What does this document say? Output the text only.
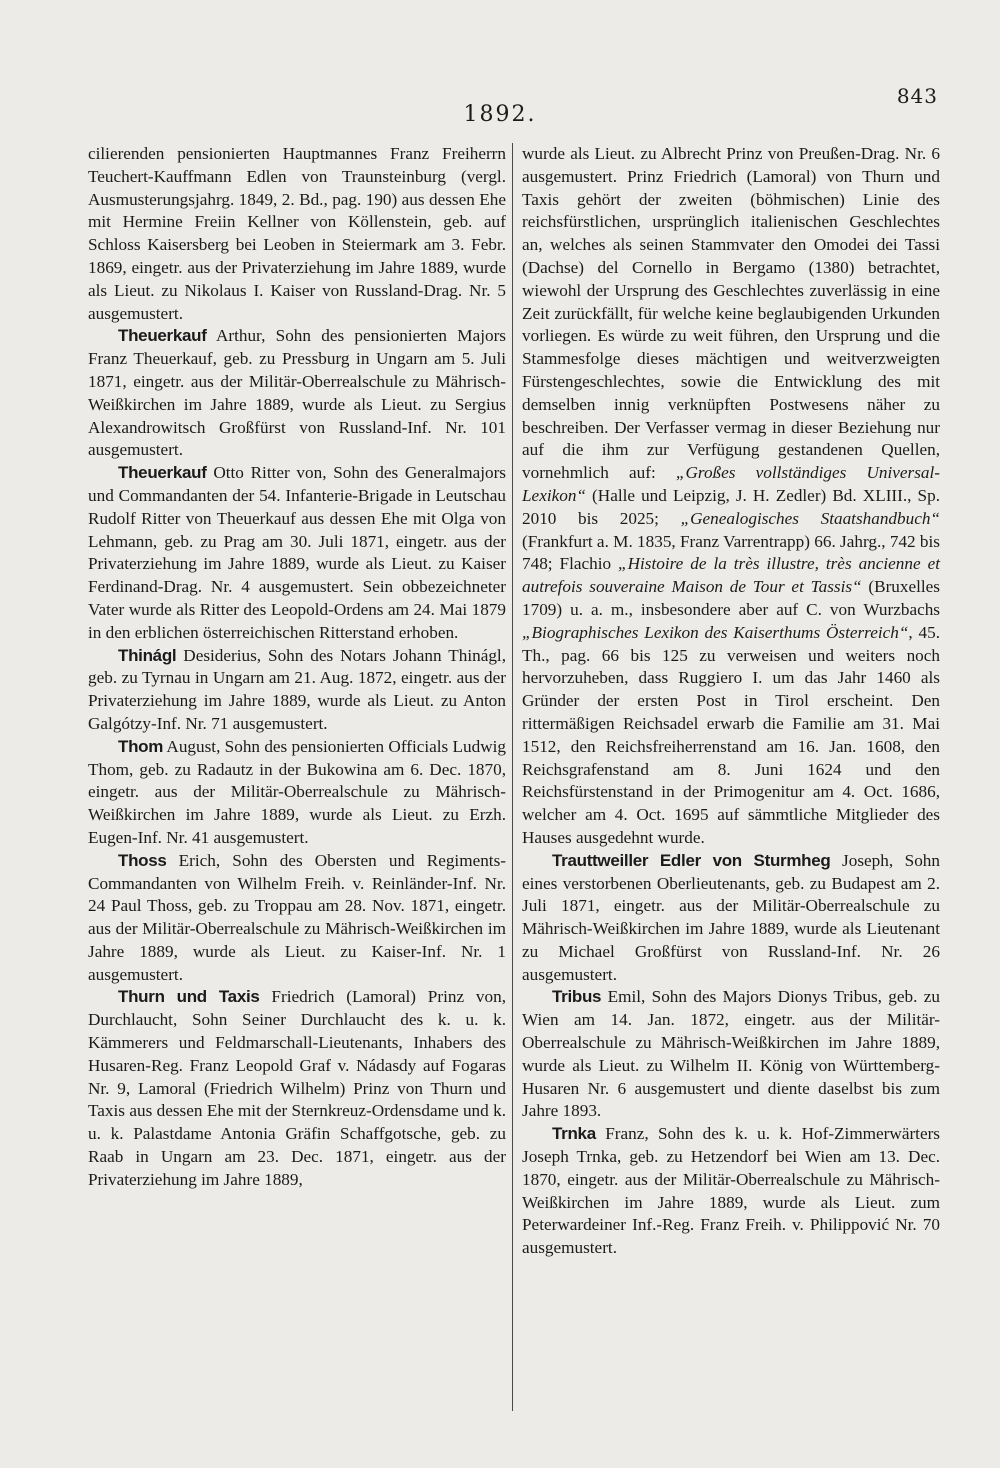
843
1892.

cilierenden pensionierten Hauptmannes Franz Freiherrn Teuchert-Kauffmann Edlen von Traunsteinburg (vergl. Ausmusterungsjahrg. 1849, 2. Bd., pag. 190) aus dessen Ehe mit Hermine Freiin Kellner von Köllenstein, geb. auf Schloss Kaisersberg bei Leoben in Steiermark am 3. Febr. 1869, eingetr. aus der Privaterziehung im Jahre 1889, wurde als Lieut. zu Nikolaus I. Kaiser von Russland-Drag. Nr. 5 ausgemustert.

Theuerkauf Arthur, Sohn des pensionierten Majors Franz Theuerkauf, geb. zu Pressburg in Ungarn am 5. Juli 1871, eingetr. aus der Militär-Oberrealschule zu Mährisch-Weißkirchen im Jahre 1889, wurde als Lieut. zu Sergius Alexandrowitsch Großfürst von Russland-Inf. Nr. 101 ausgemustert.

Theuerkauf Otto Ritter von, Sohn des Generalmajors und Commandanten der 54. Infanterie-Brigade in Leutschau Rudolf Ritter von Theuerkauf aus dessen Ehe mit Olga von Lehmann, geb. zu Prag am 30. Juli 1871, eingetr. aus der Privaterziehung im Jahre 1889, wurde als Lieut. zu Kaiser Ferdinand-Drag. Nr. 4 ausgemustert. Sein obbezeichneter Vater wurde als Ritter des Leopold-Ordens am 24. Mai 1879 in den erblichen österreichischen Ritterstand erhoben.

Thinágl Desiderius, Sohn des Notars Johann Thinágl, geb. zu Tyrnau in Ungarn am 21. Aug. 1872, eingetr. aus der Privaterziehung im Jahre 1889, wurde als Lieut. zu Anton Galgótzy-Inf. Nr. 71 ausgemustert.

Thom August, Sohn des pensionierten Officials Ludwig Thom, geb. zu Radautz in der Bukowina am 6. Dec. 1870, eingetr. aus der Militär-Oberrealschule zu Mährisch-Weißkirchen im Jahre 1889, wurde als Lieut. zu Erzh. Eugen-Inf. Nr. 41 ausgemustert.

Thoss Erich, Sohn des Obersten und Regiments-Commandanten von Wilhelm Freih. v. Reinländer-Inf. Nr. 24 Paul Thoss, geb. zu Troppau am 28. Nov. 1871, eingetr. aus der Militär-Oberrealschule zu Mährisch-Weißkirchen im Jahre 1889, wurde als Lieut. zu Kaiser-Inf. Nr. 1 ausgemustert.

Thurn und Taxis Friedrich (Lamoral) Prinz von, Durchlaucht, Sohn Seiner Durchlaucht des k. u. k. Kämmerers und Feldmarschall-Lieutenants, Inhabers des Husaren-Reg. Franz Leopold Graf v. Nádasdy auf Fogaras Nr. 9, Lamoral (Friedrich Wilhelm) Prinz von Thurn und Taxis aus dessen Ehe mit der Sternkreuz-Ordensdame und k. u. k. Palastdame Antonia Gräfin Schaffgotsche, geb. zu Raab in Ungarn am 23. Dec. 1871, eingetr. aus der Privaterziehung im Jahre 1889,

wurde als Lieut. zu Albrecht Prinz von Preußen-Drag. Nr. 6 ausgemustert. Prinz Friedrich (Lamoral) von Thurn und Taxis gehört der zweiten (böhmischen) Linie des reichsfürstlichen, ursprünglich italienischen Geschlechtes an, welches als seinen Stammvater den Omodei dei Tassi (Dachse) del Cornello in Bergamo (1380) betrachtet, wiewohl der Ursprung des Geschlechtes zuverlässig in eine Zeit zurückfällt, für welche keine beglaubigenden Urkunden vorliegen. Es würde zu weit führen, den Ursprung und die Stammesfolge dieses mächtigen und weitverzweigten Fürstengeschlechtes, sowie die Entwicklung des mit demselben innig verknüpften Postwesens näher zu beschreiben. Der Verfasser vermag in dieser Beziehung nur auf die ihm zur Verfügung gestandenen Quellen, vornehmlich auf: „Großes vollständiges Universal-Lexikon“ (Halle und Leipzig, J. H. Zedler) Bd. XLIII., Sp. 2010 bis 2025; „Genealogisches Staatshandbuch“ (Frankfurt a. M. 1835, Franz Varrentrapp) 66. Jahrg., 742 bis 748; Flachio „Histoire de la très illustre, très ancienne et autrefois souveraine Maison de Tour et Tassis“ (Bruxelles 1709) u. a. m., insbesondere aber auf C. von Wurzbachs „Biographisches Lexikon des Kaiserthums Österreich“, 45. Th., pag. 66 bis 125 zu verweisen und weiters noch hervorzuheben, dass Ruggiero I. um das Jahr 1460 als Gründer der ersten Post in Tirol erscheint. Den rittermäßigen Reichsadel erwarb die Familie am 31. Mai 1512, den Reichsfreiherrenstand am 16. Jan. 1608, den Reichsgrafenstand am 8. Juni 1624 und den Reichsfürstenstand in der Primogenitur am 4. Oct. 1686, welcher am 4. Oct. 1695 auf sämmtliche Mitglieder des Hauses ausgedehnt wurde.

Trauttweiller Edler von Sturmheg Joseph, Sohn eines verstorbenen Oberlieutenants, geb. zu Budapest am 2. Juli 1871, eingetr. aus der Militär-Oberrealschule zu Mährisch-Weißkirchen im Jahre 1889, wurde als Lieutenant zu Michael Großfürst von Russland-Inf. Nr. 26 ausgemustert.

Tribus Emil, Sohn des Majors Dionys Tribus, geb. zu Wien am 14. Jan. 1872, eingetr. aus der Militär-Oberrealschule zu Mährisch-Weißkirchen im Jahre 1889, wurde als Lieut. zu Wilhelm II. König von Württemberg-Husaren Nr. 6 ausgemustert und diente daselbst bis zum Jahre 1893.

Trnka Franz, Sohn des k. u. k. Hof-Zimmerwärters Joseph Trnka, geb. zu Hetzendorf bei Wien am 13. Dec. 1870, eingetr. aus der Militär-Oberrealschule zu Mährisch-Weißkirchen im Jahre 1889, wurde als Lieut. zum Peterwardeiner Inf.-Reg. Franz Freih. v. Philippović Nr. 70 ausgemustert.
